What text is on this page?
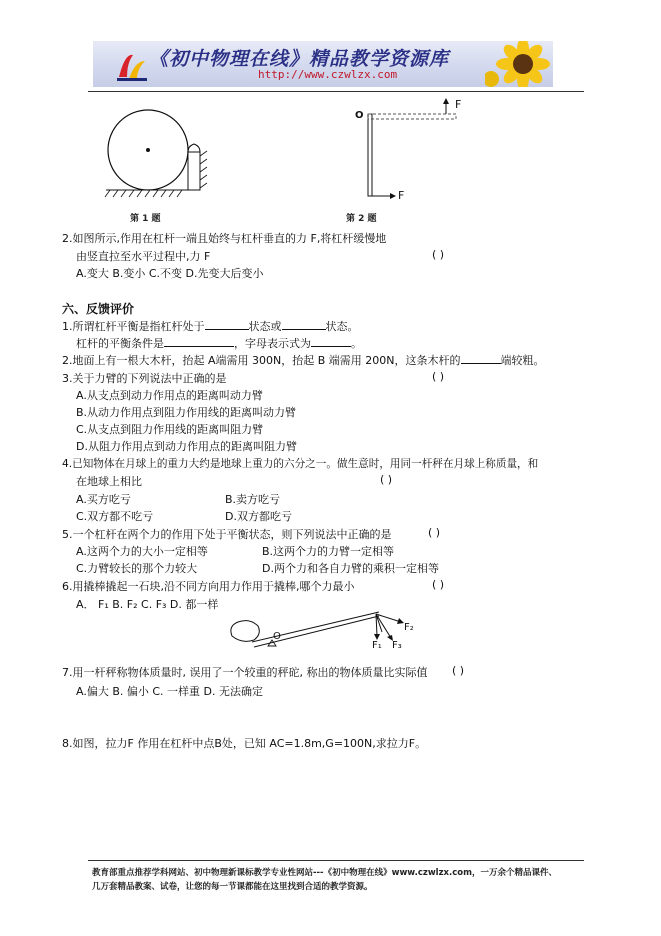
《初中物理在线》精品教学资源库
http://www.czwlzx.com
第 1 题
O
F
F
第 2 题
2.如图所示,作用在杠杆一端且始终与杠杆垂直的力 F,将杠杆缓慢地
由竖直拉至水平过程中,力 F	( )
A.变大 B.变小 C.不变 D.先变大后变小
六、反馈评价
1.所谓杠杆平衡是指杠杆处于	状态或	状态。
杠杆的平衡条件是	，字母表示式为	。
2.地面上有一根大木杆，抬起 A端需用 300N，抬起 B 端需用 200N，这条木杆的	端较粗。
3.关于力臂的下列说法中正确的是	( )
A.从支点到动力作用点的距离叫动力臂
B.从动力作用点到阻力作用线的距离叫动力臂
C.从支点到阻力作用线的距离叫阻力臂
D.从阻力作用点到动力作用点的距离叫阻力臂
4.已知物体在月球上的重力大约是地球上重力的六分之一。做生意时，用同一杆秤在月球上称质量，和
在地球上相比	( )
A.买方吃亏	B.卖方吃亏
C.双方都不吃亏	D.双方都吃亏
5.一个杠杆在两个力的作用下处于平衡状态，则下列说法中正确的是	( )
A.这两个力的大小一定相等	B.这两个力的力臂一定相等
C.力臂较长的那个力较大	D.两个力和各自力臂的乘积一定相等
6.用撬棒撬起一石块,沿不同方向用力作用于撬棒,哪个力最小	( )
A． F₁ B. F₂ C. F₃ D. 都一样
O
F₁
F₂
F₃
7.用一杆秤称物体质量时, 误用了一个较重的秤砣, 称出的物体质量比实际值 ( )
A.偏大 B. 偏小 C. 一样重 D. 无法确定
8.如图，拉力F 作用在杠杆中点B处，已知 AC=1.8m,G=100N,求拉力F。
教育部重点推荐学科网站、初中物理新课标教学专业性网站---《初中物理在线》www.czwlzx.com，一万余个精品课件、
几万套精品教案、试卷，让您的每一节课都能在这里找到合适的教学资源。
